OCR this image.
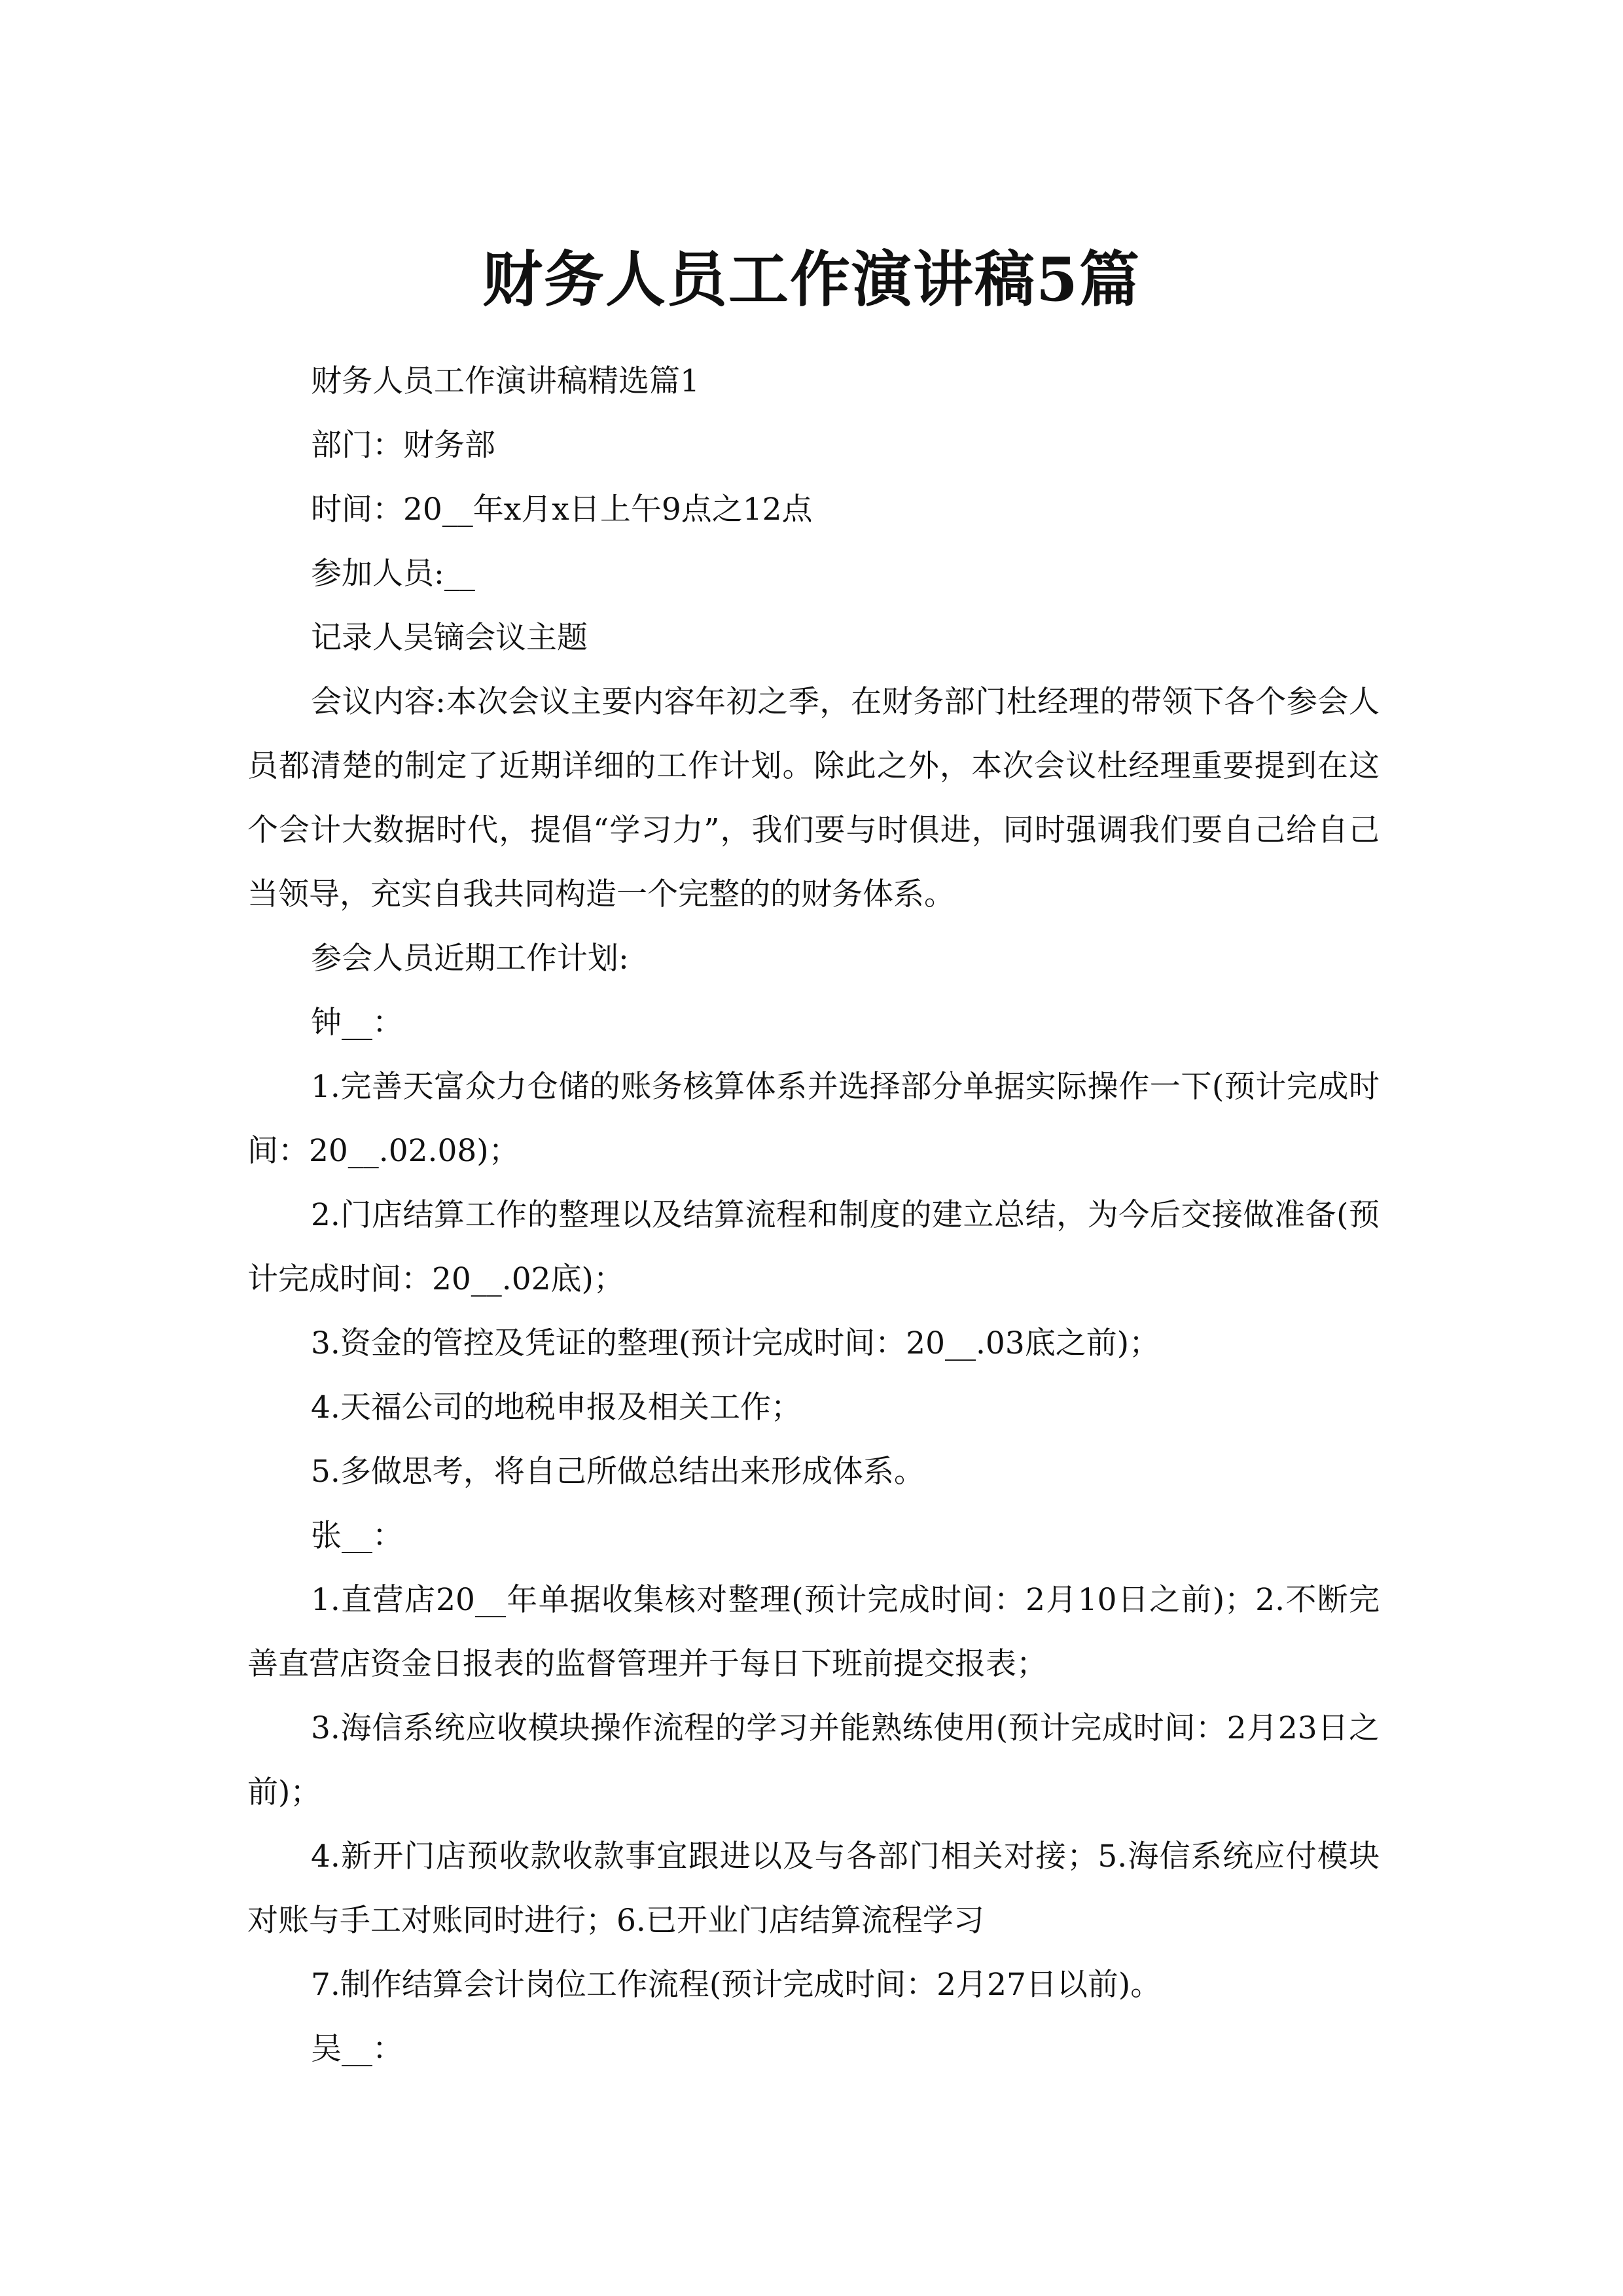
财务人员工作演讲稿5篇

财务人员工作演讲稿精选篇1

部门：财务部

时间：20__年x月x日上午9点之12点

参加人员:__

记录人吴镝会议主题

会议内容:本次会议主要内容年初之季，在财务部门杜经理的带领下各个参会人员都清楚的制定了近期详细的工作计划。除此之外，本次会议杜经理重要提到在这个会计大数据时代，提倡“学习力”，我们要与时俱进，同时强调我们要自己给自己当领导，充实自我共同构造一个完整的的财务体系。

参会人员近期工作计划:

钟__：

1.完善天富众力仓储的账务核算体系并选择部分单据实际操作一下(预计完成时间：20__.02.08)；

2.门店结算工作的整理以及结算流程和制度的建立总结，为今后交接做准备(预计完成时间：20__.02底)；

3.资金的管控及凭证的整理(预计完成时间：20__.03底之前)；

4.天福公司的地税申报及相关工作；

5.多做思考，将自己所做总结出来形成体系。

张__：

1.直营店20__年单据收集核对整理(预计完成时间：2月10日之前)；2.不断完善直营店资金日报表的监督管理并于每日下班前提交报表；

3.海信系统应收模块操作流程的学习并能熟练使用(预计完成时间：2月23日之前)；

4.新开门店预收款收款事宜跟进以及与各部门相关对接；5.海信系统应付模块对账与手工对账同时进行；6.已开业门店结算流程学习

7.制作结算会计岗位工作流程(预计完成时间：2月27日以前)。

吴__：
